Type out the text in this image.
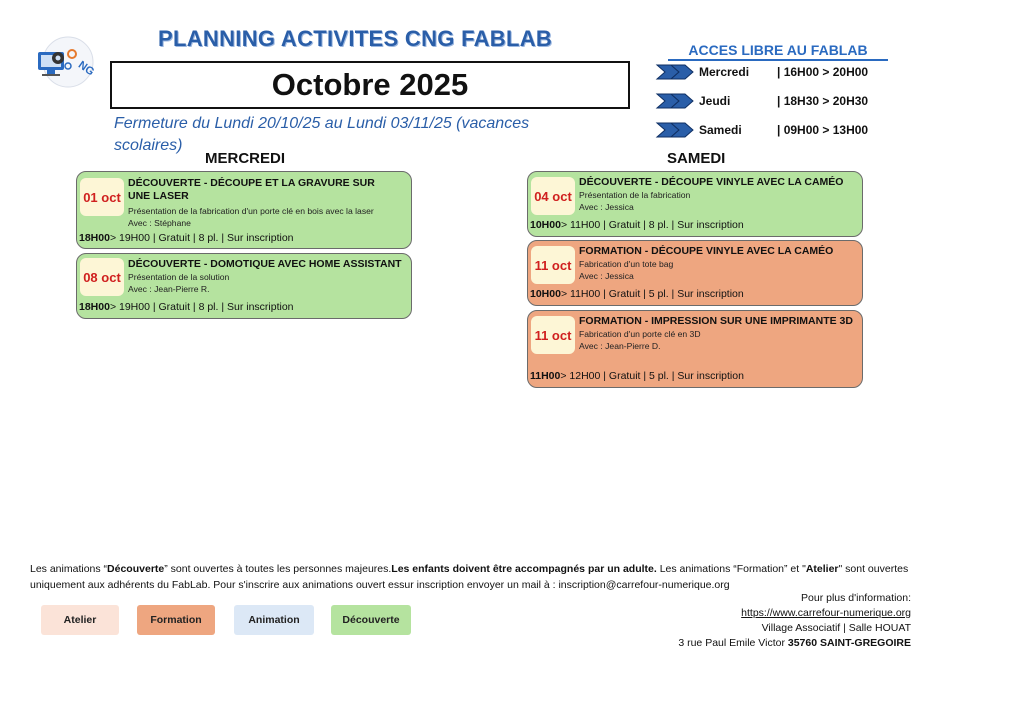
NG
PLANNING ACTIVITES CNG FABLAB
Octobre 2025
Fermeture du Lundi 20/10/25 au Lundi 03/11/25 (vacances scolaires)
ACCES LIBRE AU FABLAB
Mercredi | 16H00 > 20H00
Jeudi	| 18H30 > 20H30
Samedi	| 09H00 > 13H00
MERCREDI	SAMEDI
01 oct
DÉCOUVERTE - DÉCOUPE ET LA GRAVURE SUR UNE LASER
Présentation de la fabrication d'un porte clé en bois avec la laser
Avec : Stéphane
18H00> 19H00 | Gratuit | 8 pl. | Sur inscription
08 oct
DÉCOUVERTE - DOMOTIQUE AVEC HOME ASSISTANT
Présentation de la solution
Avec : Jean-Pierre R.
18H00> 19H00 | Gratuit | 8 pl. | Sur inscription
04 oct
DÉCOUVERTE - DÉCOUPE VINYLE AVEC LA CAMÉO
Présentation de la fabrication
Avec : Jessica
10H00> 11H00 | Gratuit | 8 pl. | Sur inscription
11 oct
FORMATION - DÉCOUPE VINYLE AVEC LA CAMÉO
Fabrication d'un tote bag
Avec : Jessica
10H00> 11H00 | Gratuit | 5 pl. | Sur inscription
11 oct
FORMATION - IMPRESSION SUR UNE IMPRIMANTE 3D
Fabrication d'un porte clé en 3D
Avec : Jean-Pierre D.
11H00> 12H00 | Gratuit | 5 pl. | Sur inscription
Les animations “Découverte” sont ouvertes à toutes les personnes majeures.Les enfants doivent être accompagnés par un adulte. Les animations “Formation” et "Atelier" sont ouvertes uniquement aux adhérents du FabLab. Pour s'inscrire aux animations ouvert essur inscription envoyer un mail à : inscription@carrefour-numerique.org
Atelier	Formation	Animation	Découverte
Pour plus d'information:
https://www.carrefour-numerique.org
Village Associatif | Salle HOUAT
3 rue Paul Emile Victor 35760 SAINT-GREGOIRE
